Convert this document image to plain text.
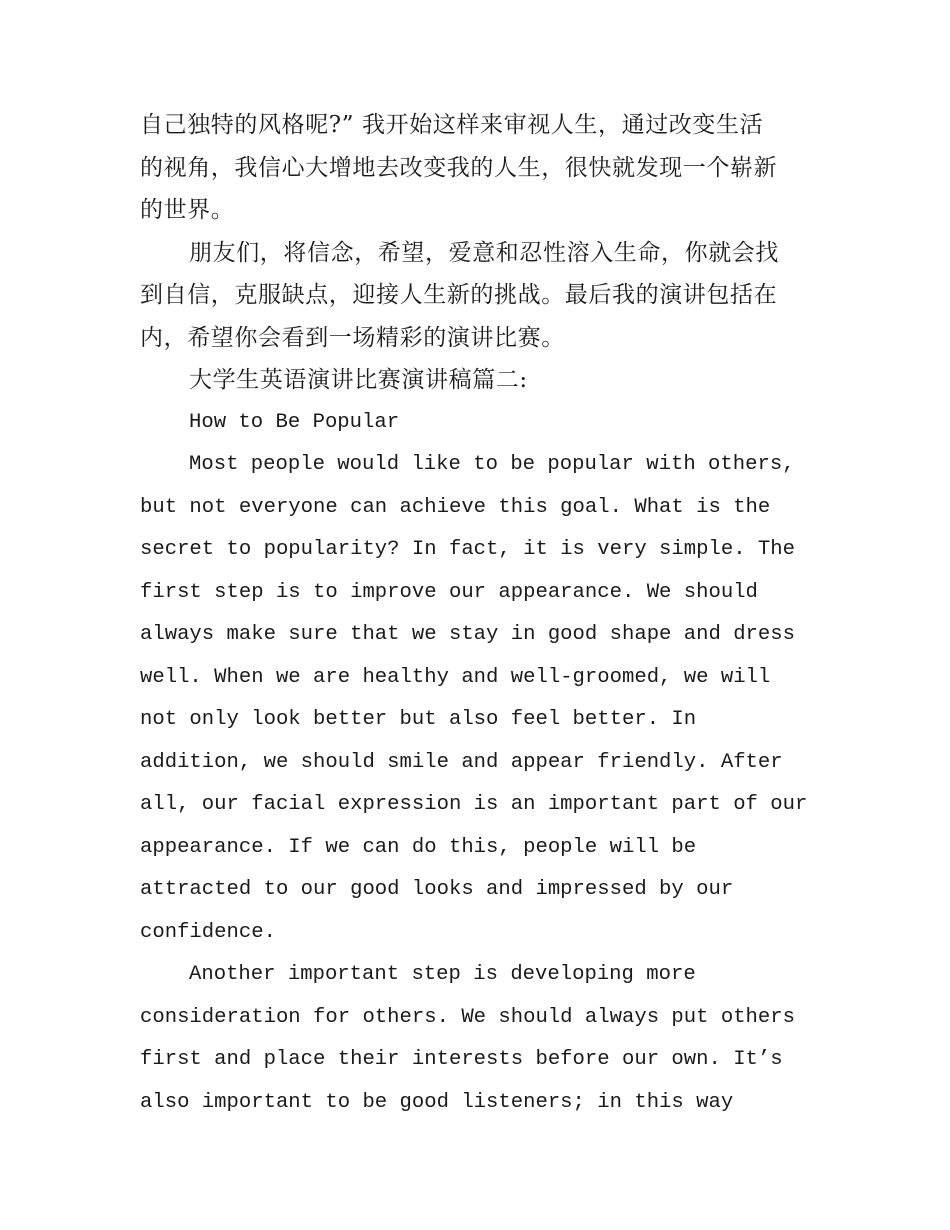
自己独特的风格呢?” 我开始这样来审视人生，通过改变生活
的视角，我信心大增地去改变我的人生，很快就发现一个崭新
的世界。
朋友们，将信念，希望，爱意和忍性溶入生命，你就会找
到自信，克服缺点，迎接人生新的挑战。最后我的演讲包括在
内，希望你会看到一场精彩的演讲比赛。
大学生英语演讲比赛演讲稿篇二:
How to Be Popular
Most people would like to be popular with others,
but not everyone can achieve this goal. What is the
secret to popularity? In fact, it is very simple. The
first step is to improve our appearance. We should
always make sure that we stay in good shape and dress
well. When we are healthy and well-groomed, we will
not only look better but also feel better. In
addition, we should smile and appear friendly. After
all, our facial expression is an important part of our
appearance. If we can do this, people will be
attracted to our good looks and impressed by our
confidence.
Another important step is developing more
consideration for others. We should always put others
first and place their interests before our own. It’s
also important to be good listeners; in this way
